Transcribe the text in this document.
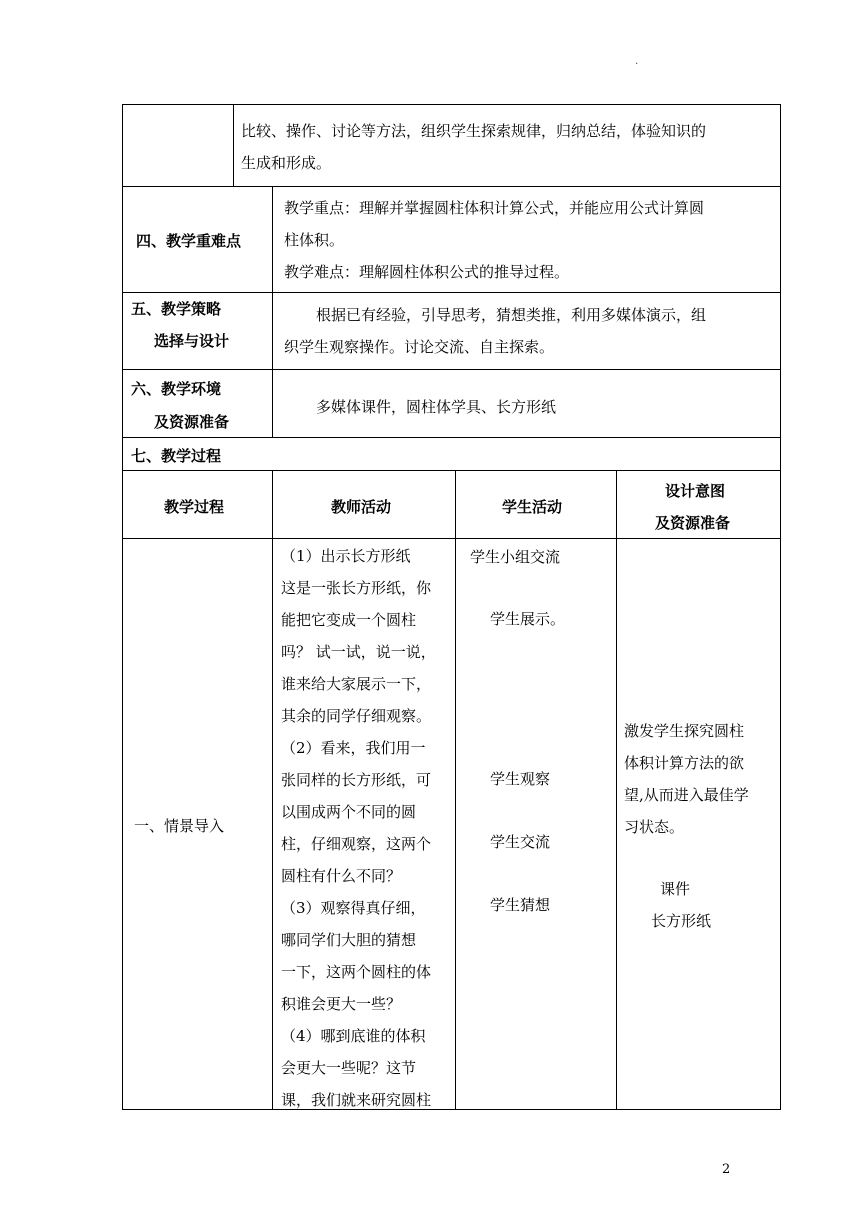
.
比较、操作、讨论等方法，组织学生探索规律，归纳总结，体验知识的
生成和形成。
四、教学重难点
教学重点：理解并掌握圆柱体积计算公式，并能应用公式计算圆
柱体积。
教学难点：理解圆柱体积公式的推导过程。
五、教学策略
选择与设计
根据已有经验，引导思考，猜想类推，利用多媒体演示，组
织学生观察操作。讨论交流、自主探索。
六、教学环境
及资源准备
多媒体课件，圆柱体学具、长方形纸
七、教学过程
教学过程	教师活动	学生活动
设计意图
及资源准备
一、情景导入
（1）出示长方形纸
这是一张长方形纸，你
能把它变成一个圆柱
吗？ 试一试，说一说，
谁来给大家展示一下，
其余的同学仔细观察。
（2）看来，我们用一
张同样的长方形纸，可
以围成两个不同的圆
柱，仔细观察，这两个
圆柱有什么不同？
（3）观察得真仔细，
哪同学们大胆的猜想
一下，这两个圆柱的体
积谁会更大一些？
（4）哪到底谁的体积
会更大一些呢？这节
课，我们就来研究圆柱
学生小组交流
学生展示。
学生观察
学生交流
学生猜想
激发学生探究圆柱
体积计算方法的欲
望,从而进入最佳学
习状态。
课件
长方形纸
2
